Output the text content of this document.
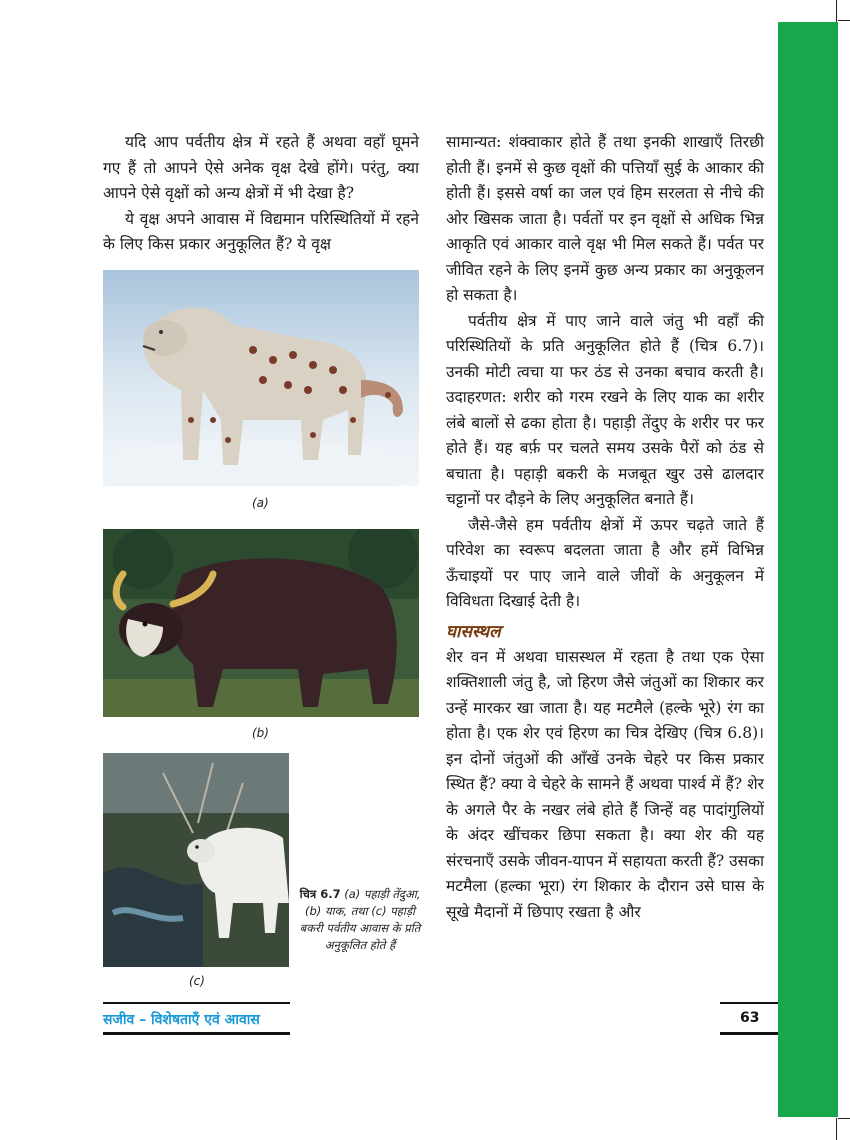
यदि आप पर्वतीय क्षेत्र में रहते हैं अथवा वहाँ घूमने गए हैं तो आपने ऐसे अनेक वृक्ष देखे होंगे। परंतु, क्या आपने ऐसे वृक्षों को अन्य क्षेत्रों में भी देखा है?

ये वृक्ष अपने आवास में विद्यमान परिस्थितियों में रहने के लिए किस प्रकार अनुकूलित हैं? ये वृक्ष

(a)
(b)
(c)
चित्र 6.7 (a) पहाड़ी तेंदुआ, (b) याक, तथा (c) पहाड़ी बकरी पर्वतीय आवास के प्रति अनुकूलित होते हैं

सामान्यत: शंक्वाकार होते हैं तथा इनकी शाखाएँ तिरछी होती हैं। इनमें से कुछ वृक्षों की पत्तियाँ सुई के आकार की होती हैं। इससे वर्षा का जल एवं हिम सरलता से नीचे की ओर खिसक जाता है। पर्वतों पर इन वृक्षों से अधिक भिन्न आकृति एवं आकार वाले वृक्ष भी मिल सकते हैं। पर्वत पर जीवित रहने के लिए इनमें कुछ अन्य प्रकार का अनुकूलन हो सकता है।

पर्वतीय क्षेत्र में पाए जाने वाले जंतु भी वहाँ की परिस्थितियों के प्रति अनुकूलित होते हैं (चित्र 6.7)। उनकी मोटी त्वचा या फर ठंड से उनका बचाव करती है। उदाहरणत: शरीर को गरम रखने के लिए याक का शरीर लंबे बालों से ढका होता है। पहाड़ी तेंदुए के शरीर पर फर होते हैं। यह बर्फ़ पर चलते समय उसके पैरों को ठंड से बचाता है। पहाड़ी बकरी के मजबूत खुर उसे ढालदार चट्टानों पर दौड़ने के लिए अनुकूलित बनाते हैं।

जैसे-जैसे हम पर्वतीय क्षेत्रों में ऊपर चढ़ते जाते हैं परिवेश का स्वरूप बदलता जाता है और हमें विभिन्न ऊँचाइयों पर पाए जाने वाले जीवों के अनुकूलन में विविधता दिखाई देती है।

घासस्थल

शेर वन में अथवा घासस्थल में रहता है तथा एक ऐसा शक्तिशाली जंतु है, जो हिरण जैसे जंतुओं का शिकार कर उन्हें मारकर खा जाता है। यह मटमैले (हल्के भूरे) रंग का होता है। एक शेर एवं हिरण का चित्र देखिए (चित्र 6.8)। इन दोनों जंतुओं की आँखें उनके चेहरे पर किस प्रकार स्थित हैं? क्या वे चेहरे के सामने हैं अथवा पार्श्व में हैं? शेर के अगले पैर के नखर लंबे होते हैं जिन्हें वह पादांगुलियों के अंदर खींचकर छिपा सकता है। क्या शेर की यह संरचनाएँ उसके जीवन-यापन में सहायता करती हैं? उसका मटमैला (हल्का भूरा) रंग शिकार के दौरान उसे घास के सूखे मैदानों में छिपाए रखता है और

सजीव – विशेषताएँ एवं आवास	63
